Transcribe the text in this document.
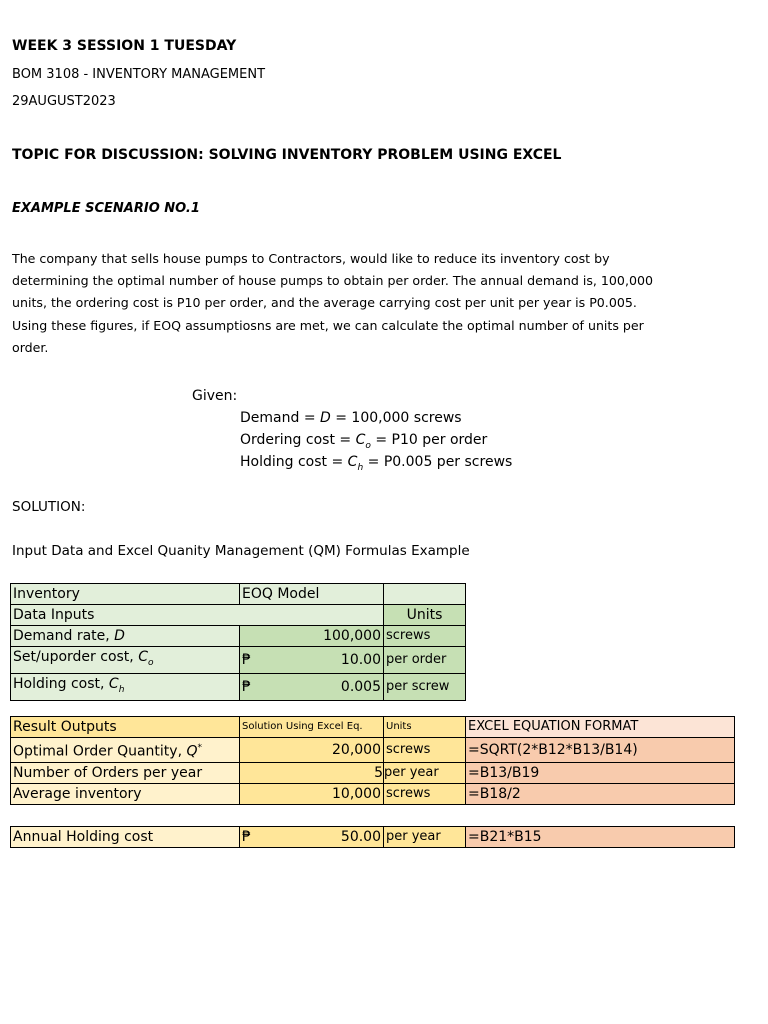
WEEK 3 SESSION 1 TUESDAY
BOM 3108 - INVENTORY MANAGEMENT
29AUGUST2023
TOPIC FOR DISCUSSION: SOLVING INVENTORY PROBLEM USING EXCEL
EXAMPLE SCENARIO NO.1
The company that sells house pumps to Contractors, would like to reduce its inventory cost by
determining the optimal number of house pumps to obtain per order. The annual demand is, 100,000
units, the ordering cost is P10 per order, and the average carrying cost per unit per year is P0.005.
Using these figures, if EOQ assumptiosns are met, we can calculate the optimal number of units per
order.
Given:
Demand = D = 100,000 screws
Ordering $\cos t = C_o = P10$ per order
Holding $\cos t = C_h = P0.005$ per screws
SOLUTION:
Input Data and Excel Quanity Management (QM) Formulas Example
Inventory	EOQ Model	
Data Inputs		Units
Demand rate, D	100,000	screws
Set/uporder cost, $C_o$	₱ 10.00	per order
Holding cost, $C_h$	₱ 0.005	per screw
Result Outputs	Solution Using Excel Eq.	Units	EXCEL EQUATION FORMAT
Optimal Order Quantity, Q*	20,000	screws	=SQRT(2*B12*B13/B14)
Number of Orders per year	5	per year	=B13/B19
Average inventory	10,000	screws	=B18/2
Annual Holding cost	₱	50.00	per year	=B21*B15
